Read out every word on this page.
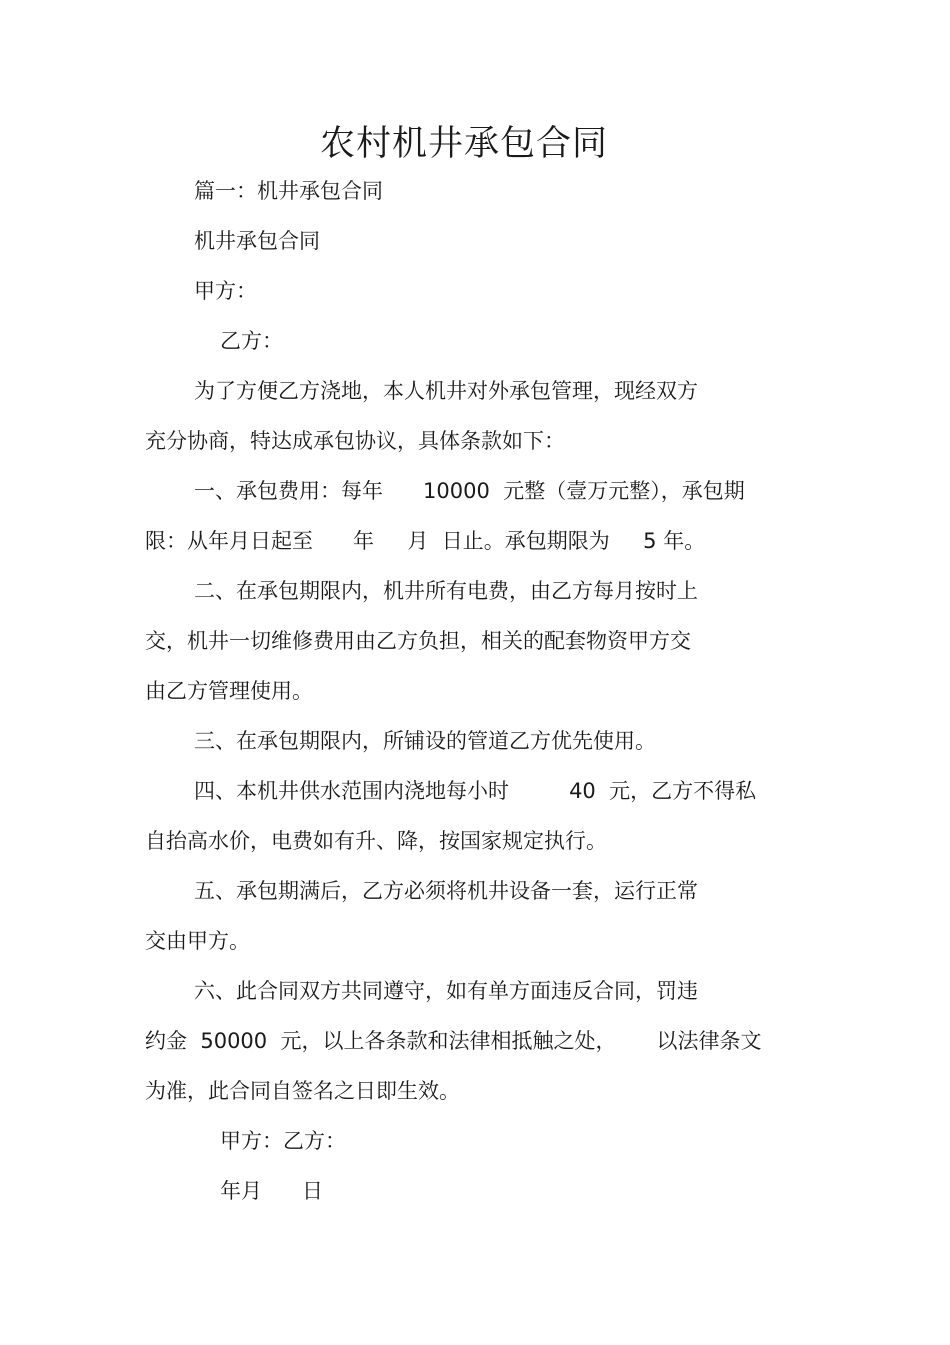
农村机井承包合同

篇一：机井承包合同

机井承包合同

甲方：

乙方：

为了方便乙方浇地，本人机井对外承包管理，现经双方

充分协商，特达成承包协议，具体条款如下：

一、承包费用：每年      10000  元整（壹万元整），承包期

限：从年月日起至      年     月  日止。承包期限为     5 年。

二、在承包期限内，机井所有电费，由乙方每月按时上

交，机井一切维修费用由乙方负担，相关的配套物资甲方交

由乙方管理使用。

三、在承包期限内，所铺设的管道乙方优先使用。

四、本机井供水范围内浇地每小时         40  元，乙方不得私

自抬高水价，电费如有升、降，按国家规定执行。

五、承包期满后，乙方必须将机井设备一套，运行正常

交由甲方。

六、此合同双方共同遵守，如有单方面违反合同，罚违

约金  50000  元，以上各条款和法律相抵触之处，      以法律条文

为准，此合同自签名之日即生效。

甲方：乙方：

年月      日
